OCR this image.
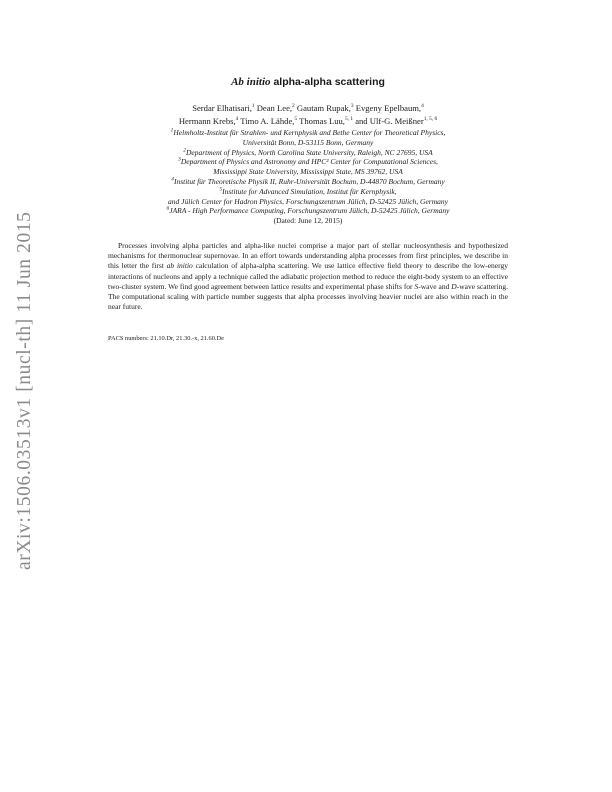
arXiv:1506.03513v1 [nucl-th] 11 Jun 2015
Ab initio alpha-alpha scattering
Serdar Elhatisari,$^1$ Dean Lee,$^2$ Gautam Rupak,$^3$ Evgeny Epelbaum,$^4$
Hermann Krebs,$^4$ Timo A. Lähde,$^5$ Thomas Luu,$^{5, 1}$ and Ulf-G. Meißner$^{1, 5, 6}$
$^1$Helmholtz-Institut für Strahlen- und Kernphysik and Bethe Center for Theoretical Physics,
Universität Bonn, D-53115 Bonn, Germany
$^2$Department of Physics, North Carolina State University, Raleigh, NC 27695, USA
$^3$Department of Physics and Astronomy and HPC² Center for Computational Sciences,
Mississippi State University, Mississippi State, MS 39762, USA
$^4$Institut für Theoretische Physik II, Ruhr-Universität Bochum, D-44870 Bochum, Germany
$^5$Institute for Advanced Simulation, Institut für Kernphysik,
and Jülich Center for Hadron Physics, Forschungszentrum Jülich, D-52425 Jülich, Germany
$^6$JARA - High Performance Computing, Forschungszentrum Jülich, D-52425 Jülich, Germany
(Dated: June 12, 2015)

Processes involving alpha particles and alpha-like nuclei comprise a major part of stellar nucleosynthesis and hypothesized mechanisms for thermonuclear supernovae. In an effort towards understanding alpha processes from first principles, we describe in this letter the first ab initio calculation of alpha-alpha scattering. We use lattice effective field theory to describe the low-energy interactions of nucleons and apply a technique called the adiabatic projection method to reduce the eight-body system to an effective two-cluster system. We find good agreement between lattice results and experimental phase shifts for S-wave and D-wave scattering. The computational scaling with particle number suggests that alpha processes involving heavier nuclei are also within reach in the near future.

PACS numbers: 21.10.Dr, 21.30.-x, 21.60.De
